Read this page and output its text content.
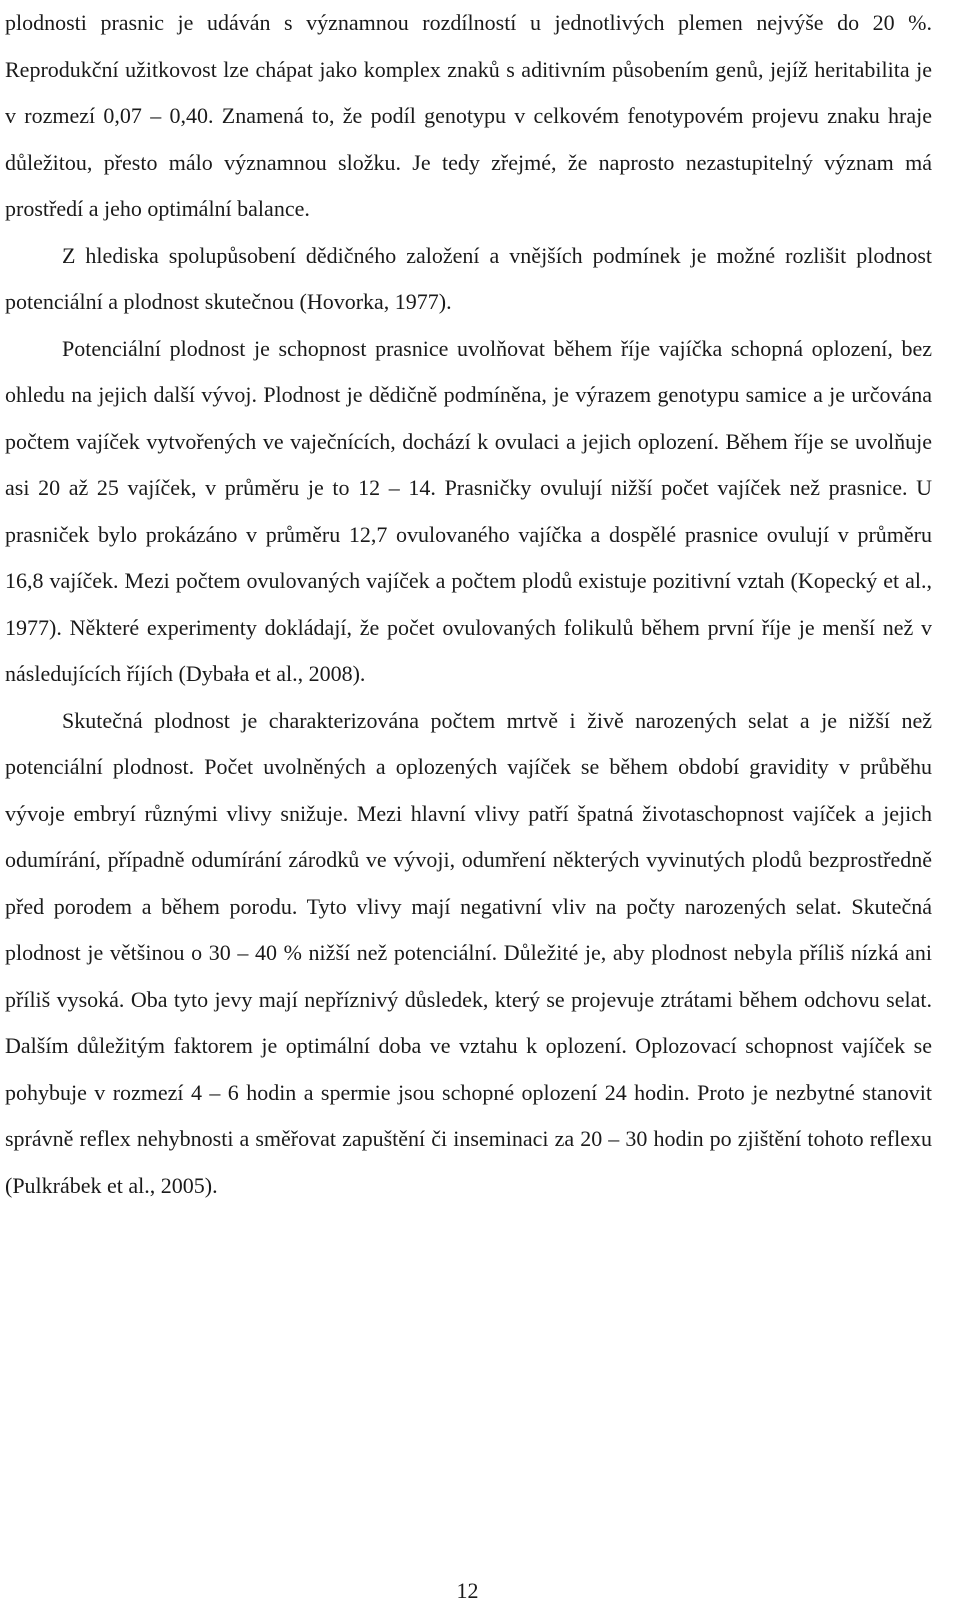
plodnosti prasnic je udáván s významnou rozdílností u jednotlivých plemen nejvýše do 20 %. Reprodukční užitkovost lze chápat jako komplex znaků s aditivním působením genů, jejíž heritabilita je v rozmezí 0,07 – 0,40. Znamená to, že podíl genotypu v celkovém fenotypovém projevu znaku hraje důležitou, přesto málo významnou složku. Je tedy zřejmé, že naprosto nezastupitelný význam má prostředí a jeho optimální balance.

Z hlediska spolupůsobení dědičného založení a vnějších podmínek je možné rozlišit plodnost potenciální a plodnost skutečnou (Hovorka, 1977).

Potenciální plodnost je schopnost prasnice uvolňovat během říje vajíčka schopná oplození, bez ohledu na jejich další vývoj. Plodnost je dědičně podmíněna, je výrazem genotypu samice a je určována počtem vajíček vytvořených ve vaječnících, dochází k ovulaci a jejich oplození. Během říje se uvolňuje asi 20 až 25 vajíček, v průměru je to 12 – 14. Prasničky ovulují nižší počet vajíček než prasnice. U prasniček bylo prokázáno v průměru 12,7 ovulovaného vajíčka a dospělé prasnice ovulují v průměru 16,8 vajíček. Mezi počtem ovulovaných vajíček a počtem plodů existuje pozitivní vztah (Kopecký et al., 1977). Některé experimenty dokládají, že počet ovulovaných folikulů během první říje je menší než v následujících říjích (Dybała et al., 2008).

Skutečná plodnost je charakterizována počtem mrtvě i živě narozených selat a je nižší než potenciální plodnost. Počet uvolněných a oplozených vajíček se během období gravidity v průběhu vývoje embryí různými vlivy snižuje. Mezi hlavní vlivy patří špatná životaschopnost vajíček a jejich odumírání, případně odumírání zárodků ve vývoji, odumření některých vyvinutých plodů bezprostředně před porodem a během porodu. Tyto vlivy mají negativní vliv na počty narozených selat. Skutečná plodnost je většinou o 30 – 40 % nižší než potenciální. Důležité je, aby plodnost nebyla příliš nízká ani příliš vysoká. Oba tyto jevy mají nepříznivý důsledek, který se projevuje ztrátami během odchovu selat. Dalším důležitým faktorem je optimální doba ve vztahu k oplození. Oplozovací schopnost vajíček se pohybuje v rozmezí 4 – 6 hodin a spermie jsou schopné oplození 24 hodin. Proto je nezbytné stanovit správně reflex nehybnosti a směřovat zapuštění či inseminaci za 20 – 30 hodin po zjištění tohoto reflexu (Pulkrábek et al., 2005).

12
